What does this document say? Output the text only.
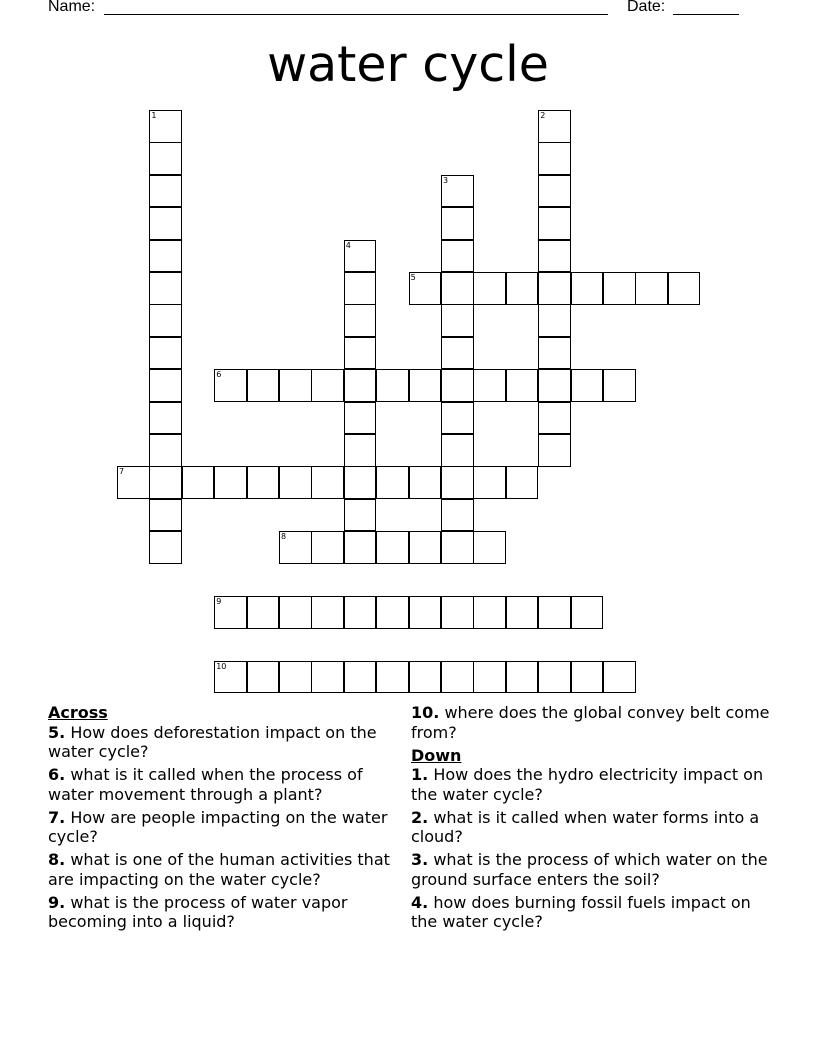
Name:	Date:
water cycle
1	2
3
4
5
6
7
8
9
10
Across
5. How does deforestation impact on the water cycle?
6. what is it called when the process of water movement through a plant?
7. How are people impacting on the water cycle?
8. what is one of the human activities that are impacting on the water cycle?
9. what is the process of water vapor becoming into a liquid?
10. where does the global convey belt come from?
Down
1. How does the hydro electricity impact on the water cycle?
2. what is it called when water forms into a cloud?
3. what is the process of which water on the ground surface enters the soil?
4. how does burning fossil fuels impact on the water cycle?
